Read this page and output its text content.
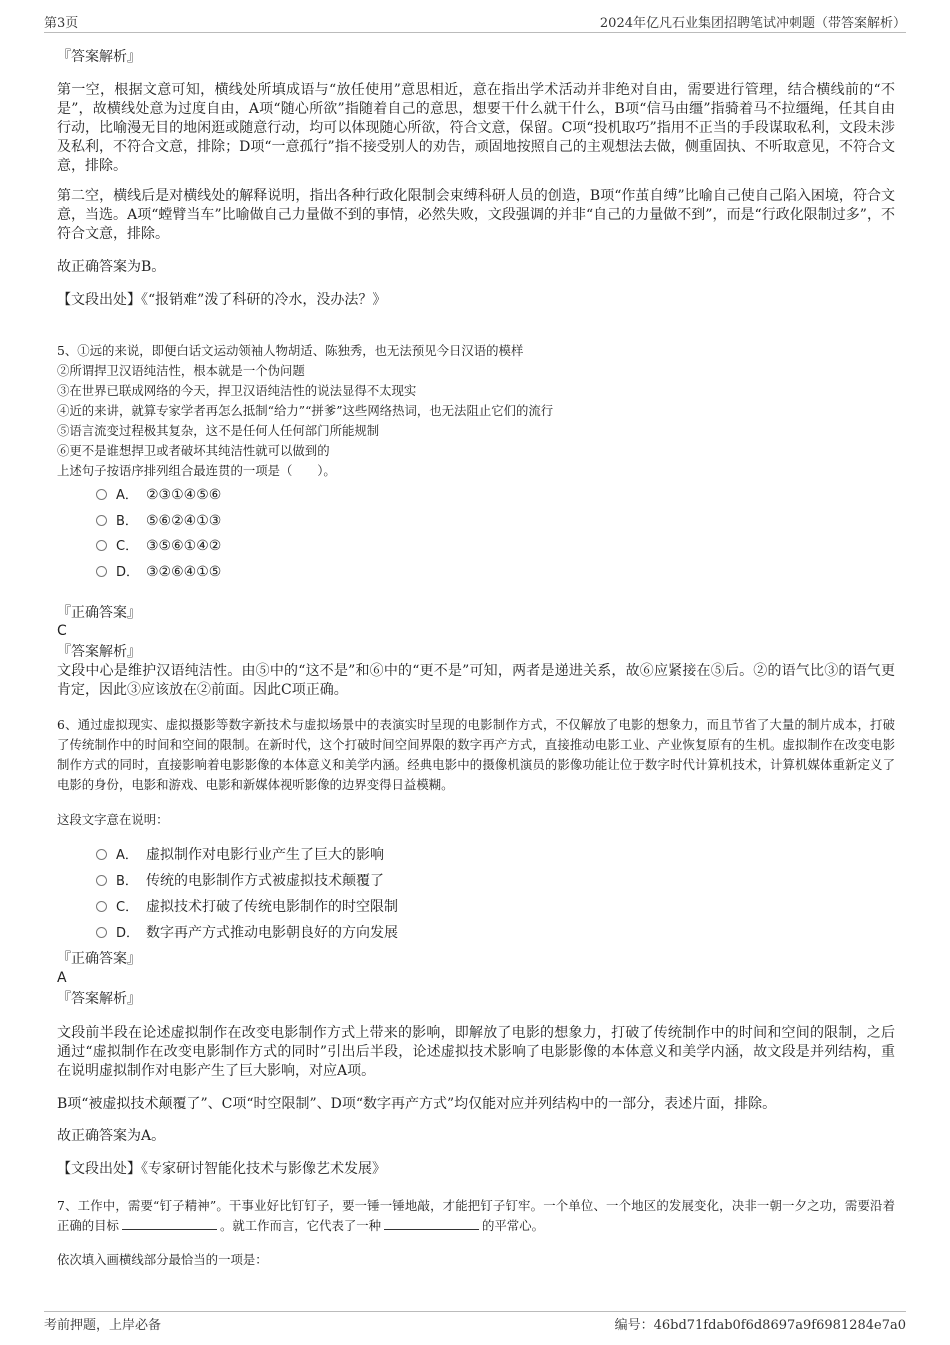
第3页	2024年亿凡石业集团招聘笔试冲刺题（带答案解析）
『答案解析』
第一空，根据文意可知，横线处所填成语与“放任使用”意思相近，意在指出学术活动并非绝对自由，需要进行管理，结合横线前的“不是”，故横线处意为过度自由，A项“随心所欲”指随着自己的意思，想要干什么就干什么，B项“信马由缰”指骑着马不拉缰绳，任其自由行动，比喻漫无目的地闲逛或随意行动，均可以体现随心所欲，符合文意，保留。C项“投机取巧”指用不正当的手段谋取私利，文段未涉及私利，不符合文意，排除；D项“一意孤行”指不接受别人的劝告，顽固地按照自己的主观想法去做，侧重固执、不听取意见，不符合文意，排除。
第二空，横线后是对横线处的解释说明，指出各种行政化限制会束缚科研人员的创造，B项“作茧自缚”比喻自己使自己陷入困境，符合文意，当选。A项“螳臂当车”比喻做自己力量做不到的事情，必然失败，文段强调的并非“自己的力量做不到”，而是“行政化限制过多”，不符合文意，排除。
故正确答案为B。
【文段出处】《“报销难”泼了科研的冷水，没办法？》
5、①远的来说，即便白话文运动领袖人物胡适、陈独秀，也无法预见今日汉语的模样
②所谓捍卫汉语纯洁性，根本就是一个伪问题
③在世界已联成网络的今天，捍卫汉语纯洁性的说法显得不太现实
④近的来讲，就算专家学者再怎么抵制“给力”“拼爹”这些网络热词，也无法阻止它们的流行
⑤语言流变过程极其复杂，这不是任何人任何部门所能规制
⑥更不是谁想捍卫或者破坏其纯洁性就可以做到的
上述句子按语序排列组合最连贯的一项是（　　）。
A． ②③①④⑤⑥
B． ⑤⑥②④①③
C． ③⑤⑥①④②
D． ③②⑥④①⑤
『正确答案』
C
『答案解析』
文段中心是维护汉语纯洁性。由⑤中的“这不是”和⑥中的“更不是”可知，两者是递进关系，故⑥应紧接在⑤后。②的语气比③的语气更肯定，因此③应该放在②前面。因此C项正确。
6、通过虚拟现实、虚拟摄影等数字新技术与虚拟场景中的表演实时呈现的电影制作方式，不仅解放了电影的想象力，而且节省了大量的制片成本，打破了传统制作中的时间和空间的限制。在新时代，这个打破时间空间界限的数字再产方式，直接推动电影工业、产业恢复原有的生机。虚拟制作在改变电影制作方式的同时，直接影响着电影影像的本体意义和美学内涵。经典电影中的摄像机演员的影像功能让位于数字时代计算机技术，计算机媒体重新定义了电影的身份，电影和游戏、电影和新媒体视听影像的边界变得日益模糊。
这段文字意在说明：
A． 虚拟制作对电影行业产生了巨大的影响
B． 传统的电影制作方式被虚拟技术颠覆了
C． 虚拟技术打破了传统电影制作的时空限制
D． 数字再产方式推动电影朝良好的方向发展
『正确答案』
A
『答案解析』
文段前半段在论述虚拟制作在改变电影制作方式上带来的影响，即解放了电影的想象力，打破了传统制作中的时间和空间的限制，之后通过“虚拟制作在改变电影制作方式的同时”引出后半段，论述虚拟技术影响了电影影像的本体意义和美学内涵，故文段是并列结构，重在说明虚拟制作对电影产生了巨大影响，对应A项。
B项“被虚拟技术颠覆了”、C项“时空限制”、D项“数字再产方式”均仅能对应并列结构中的一部分，表述片面，排除。
故正确答案为A。
【文段出处】《专家研讨智能化技术与影像艺术发展》
7、工作中，需要“钉子精神”。干事业好比钉钉子，要一锤一锤地敲，才能把钉子钉牢。一个单位、一个地区的发展变化，决非一朝一夕之功，需要沿着正确的目标	。就工作而言，它代表了一种	的平常心。
依次填入画横线部分最恰当的一项是：
考前押题，上岸必备	编号：46bd71fdab0f6d8697a9f6981284e7a0
